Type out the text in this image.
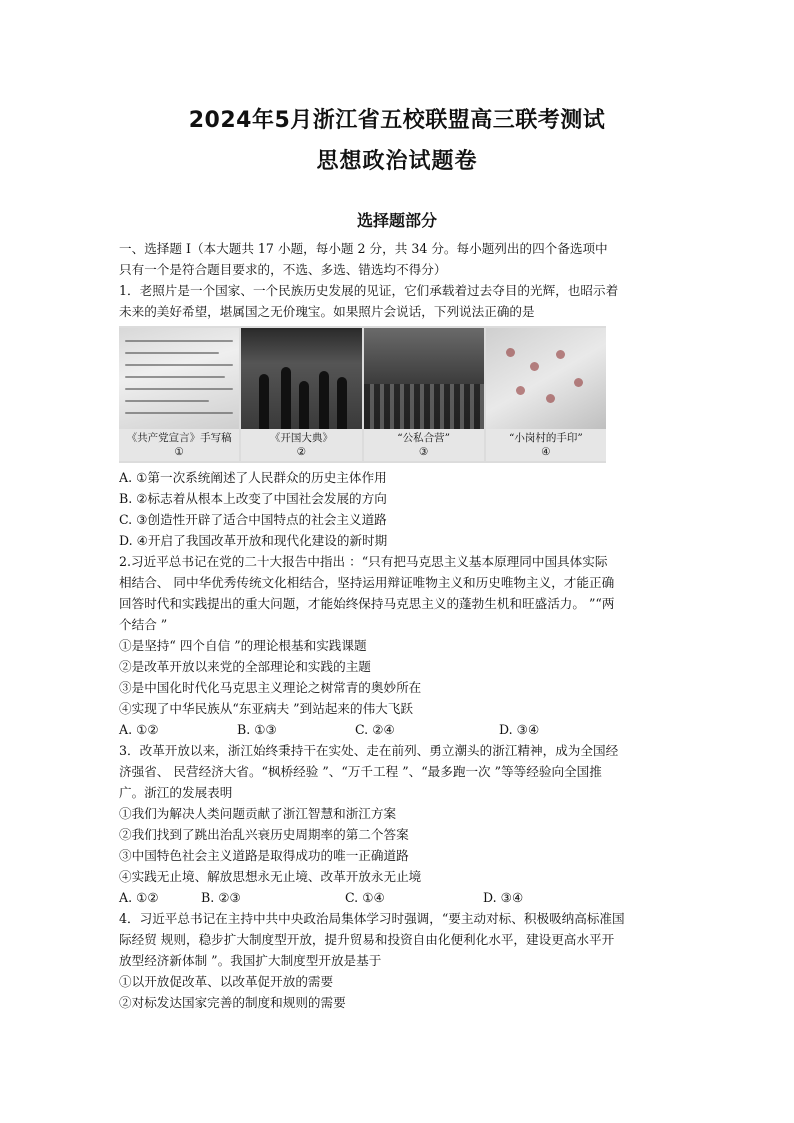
2024年5月浙江省五校联盟高三联考测试
思想政治试题卷
选择题部分
一、选择题 I（本大题共 17 小题，每小题 2 分，共 34 分。每小题列出的四个备选项中
只有一个是符合题目要求的，不选、多选、错选均不得分）
1．老照片是一个国家、一个民族历史发展的见证，它们承载着过去夺目的光辉，也昭示着
未来的美好希望，堪属国之无价瑰宝。如果照片会说话，下列说法正确的是
《共产党宣言》手写稿
①
《开国大典》
②
“公私合营”
③
“小岗村的手印”
④
A. ①第一次系统阐述了人民群众的历史主体作用
B. ②标志着从根本上改变了中国社会发展的方向
C. ③创造性开辟了适合中国特点的社会主义道路
D. ④开启了我国改革开放和现代化建设的新时期
2.习近平总书记在党的二十大报告中指出 ：“只有把马克思主义基本原理同中国具体实际
相结合、 同中华优秀传统文化相结合，坚持运用辩证唯物主义和历史唯物主义，才能正确
回答时代和实践提出的重大问题，才能始终保持马克思主义的蓬勃生机和旺盛活力。 ”“两
个结合 ”
①是坚持“ 四个自信 ”的理论根基和实践课题
②是改革开放以来党的全部理论和实践的主题
③是中国化时代化马克思主义理论之树常青的奥妙所在
④实现了中华民族从“东亚病夫 ”到站起来的伟大飞跃
A. ①②	B. ①③	C. ②④	D. ③④
3．改革开放以来，浙江始终秉持干在实处、走在前列、勇立潮头的浙江精神，成为全国经
济强省、 民营经济大省。“枫桥经验 ”、“万千工程 ”、“最多跑一次 ”等等经验向全国推
广。浙江的发展表明
①我们为解决人类问题贡献了浙江智慧和浙江方案
②我们找到了跳出治乱兴衰历史周期率的第二个答案
③中国特色社会主义道路是取得成功的唯一正确道路
④实践无止境、解放思想永无止境、改革开放永无止境
A. ①②	B. ②③	C. ①④	D. ③④
4．习近平总书记在主持中共中央政治局集体学习时强调，“要主动对标、积极吸纳高标准国
际经贸 规则，稳步扩大制度型开放，提升贸易和投资自由化便利化水平，建设更高水平开
放型经济新体制 ”。我国扩大制度型开放是基于
①以开放促改革、以改革促开放的需要
②对标发达国家完善的制度和规则的需要
